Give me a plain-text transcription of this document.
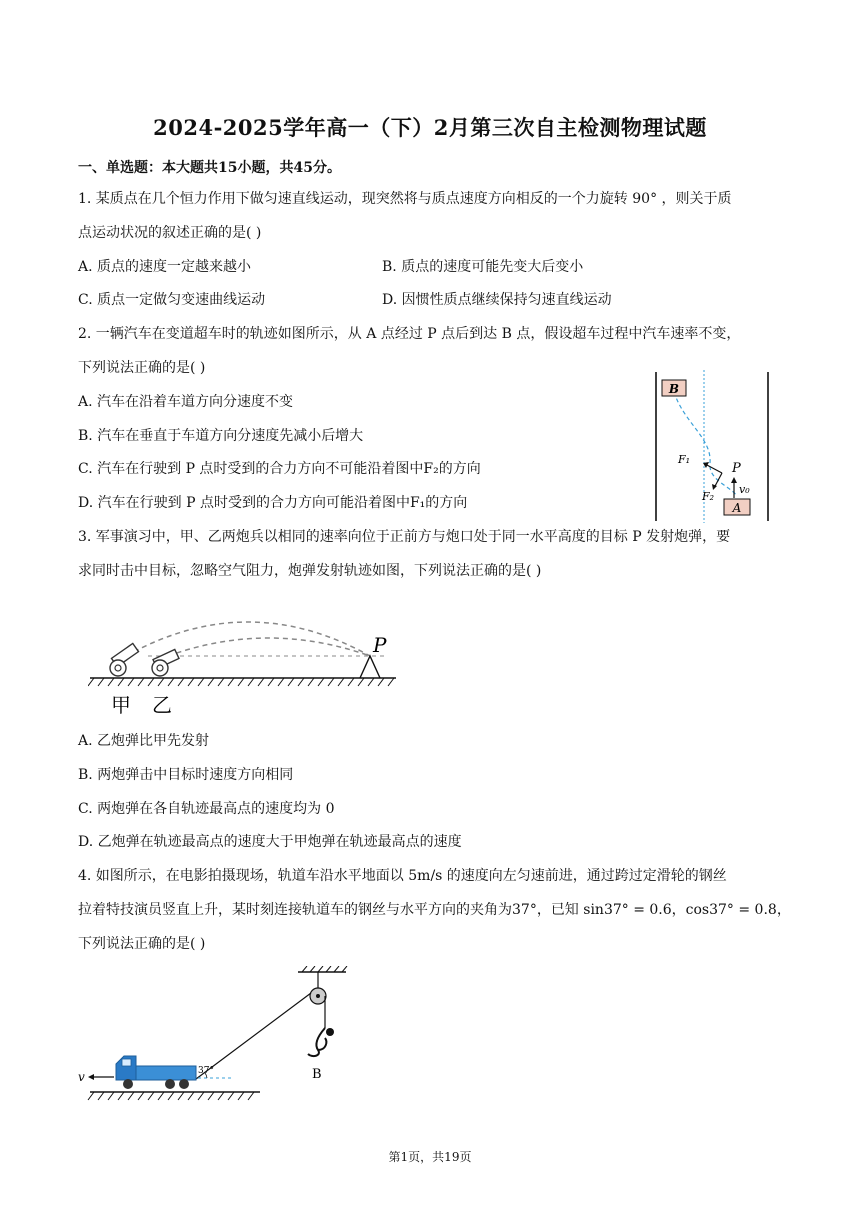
2024-2025学年高一（下）2月第三次自主检测物理试题
一、单选题：本大题共15小题，共45分。
1. 某质点在几个恒力作用下做匀速直线运动，现突然将与质点速度方向相反的一个力旋转 90° ，则关于质
点运动状况的叙述正确的是( )
A. 质点的速度一定越来越小	B. 质点的速度可能先变大后变小
C. 质点一定做匀变速曲线运动	D. 因惯性质点继续保持匀速直线运动
2. 一辆汽车在变道超车时的轨迹如图所示，从 A 点经过 P 点后到达 B 点，假设超车过程中汽车速率不变，
下列说法正确的是( )
A. 汽车在沿着车道方向分速度不变
B. 汽车在垂直于车道方向分速度先减小后增大
C. 汽车在行驶到 P 点时受到的合力方向不可能沿着图中F₂的方向
D. 汽车在行驶到 P 点时受到的合力方向可能沿着图中F₁的方向
B
A
v₀
F₁
F₂
P
3. 军事演习中，甲、乙两炮兵以相同的速率向位于正前方与炮口处于同一水平高度的目标 P 发射炮弹，要
求同时击中目标，忽略空气阻力，炮弹发射轨迹如图，下列说法正确的是( )
P
甲 乙
A. 乙炮弹比甲先发射
B. 两炮弹击中目标时速度方向相同
C. 两炮弹在各自轨迹最高点的速度均为 0
D. 乙炮弹在轨迹最高点的速度大于甲炮弹在轨迹最高点的速度
4. 如图所示，在电影拍摄现场，轨道车沿水平地面以 5m/s 的速度向左匀速前进，通过跨过定滑轮的钢丝
拉着特技演员竖直上升，某时刻连接轨道车的钢丝与水平方向的夹角为37°，已知 sin37° = 0.6，cos37° = 0.8，
下列说法正确的是( )
B
37°
v
第1页，共19页
